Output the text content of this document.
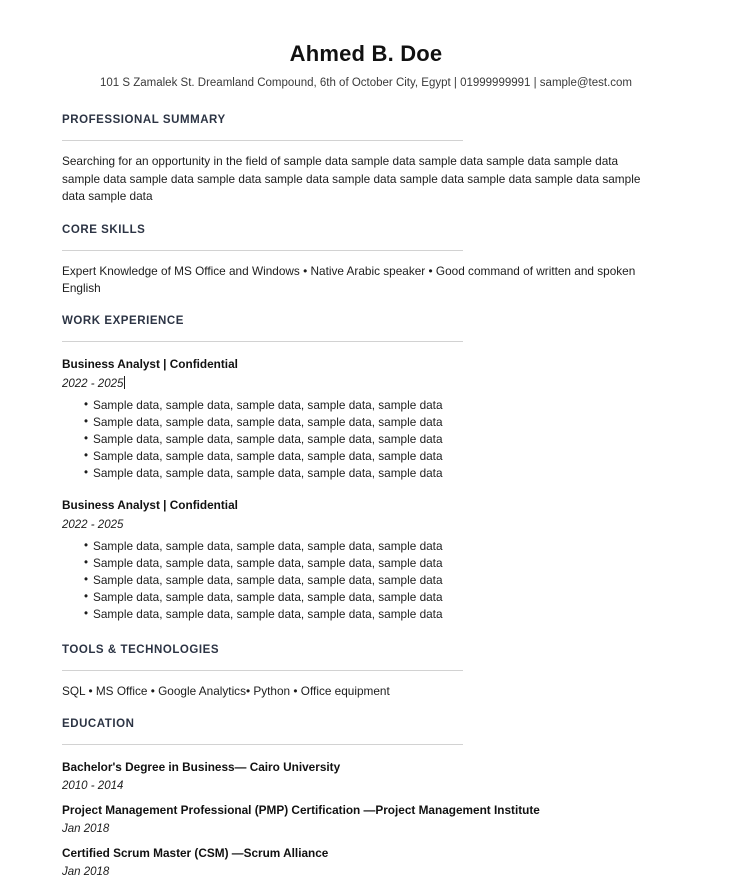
Ahmed B. Doe
101 S Zamalek St. Dreamland Compound, 6th of October City, Egypt | 01999999991 | sample@test.com
PROFESSIONAL SUMMARY
Searching for an opportunity in the field of sample data sample data sample data sample data sample data sample data sample data sample data sample data sample data sample data sample data sample data sample data sample data
CORE SKILLS
Expert Knowledge of MS Office and Windows • Native Arabic speaker • Good command of written and spoken English
WORK EXPERIENCE
Business Analyst | Confidential
2022 - 2025
• Sample data, sample data, sample data, sample data, sample data
• Sample data, sample data, sample data, sample data, sample data
• Sample data, sample data, sample data, sample data, sample data
• Sample data, sample data, sample data, sample data, sample data
• Sample data, sample data, sample data, sample data, sample data
Business Analyst | Confidential
2022 - 2025
• Sample data, sample data, sample data, sample data, sample data
• Sample data, sample data, sample data, sample data, sample data
• Sample data, sample data, sample data, sample data, sample data
• Sample data, sample data, sample data, sample data, sample data
• Sample data, sample data, sample data, sample data, sample data
TOOLS & TECHNOLOGIES
SQL • MS Office • Google Analytics• Python • Office equipment
EDUCATION
Bachelor's Degree in Business— Cairo University
2010 - 2014
Project Management Professional (PMP) Certification —Project Management Institute
Jan 2018
Certified Scrum Master (CSM) —Scrum Alliance
Jan 2018
